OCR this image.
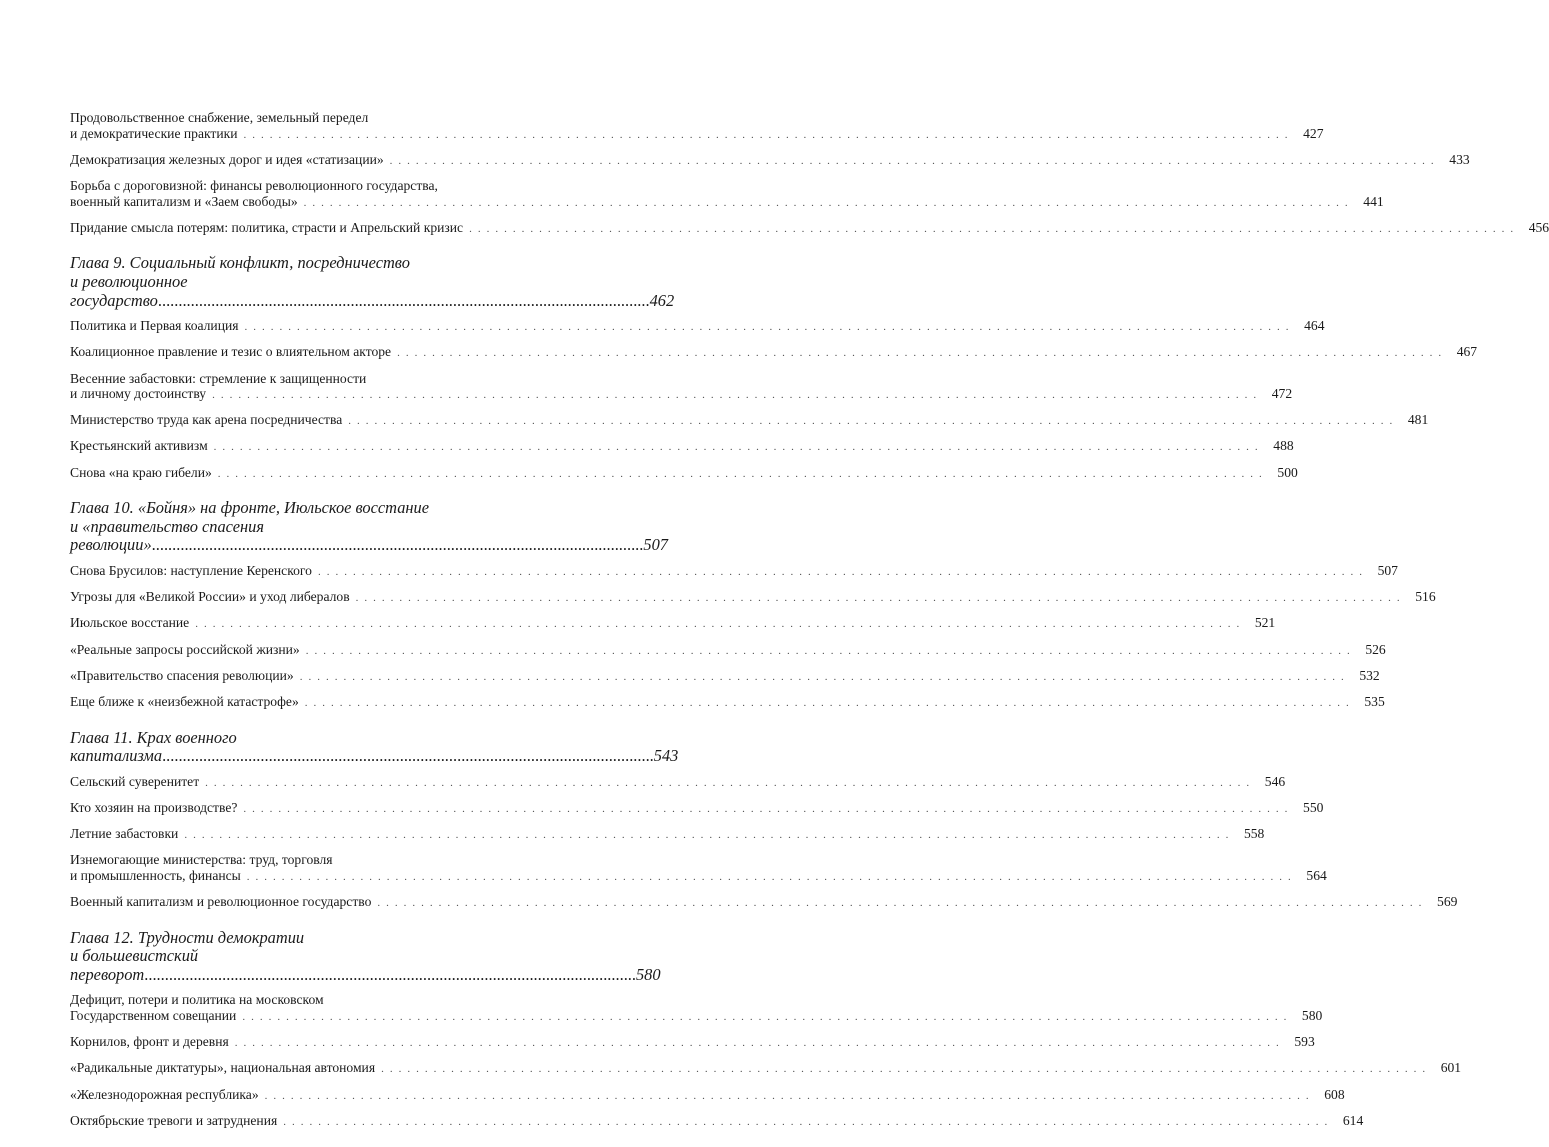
Продовольственное снабжение, земельный передел
и демократические практики ........................................................................................................................ 427
Демократизация железных дорог и идея «статизации» ........................................................................................................................ 433
Борьба с дороговизной: финансы революционного государства,
военный капитализм и «Заем свободы» ........................................................................................................................ 441
Придание смысла потерям: политика, страсти и Апрельский кризис ........................................................................................................................ 456
Глава 9. Социальный конфликт, посредничество
и революционное государство........................................................................................................................462
Политика и Первая коалиция ........................................................................................................................ 464
Коалиционное правление и тезис о влиятельном акторе ........................................................................................................................ 467
Весенние забастовки: стремление к защищенности
и личному достоинству ........................................................................................................................ 472
Министерство труда как арена посредничества ........................................................................................................................ 481
Крестьянский активизм ........................................................................................................................ 488
Снова «на краю гибели» ........................................................................................................................ 500
Глава 10. «Бойня» на фронте, Июльское восстание
и «правительство спасения революции»........................................................................................................................507
Снова Брусилов: наступление Керенского ........................................................................................................................ 507
Угрозы для «Великой России» и уход либералов ........................................................................................................................ 516
Июльское восстание ........................................................................................................................ 521
«Реальные запросы российской жизни» ........................................................................................................................ 526
«Правительство спасения революции» ........................................................................................................................ 532
Еще ближе к «неизбежной катастрофе» ........................................................................................................................ 535
Глава 11. Крах военного капитализма........................................................................................................................543
Сельский суверенитет ........................................................................................................................ 546
Кто хозяин на производстве? ........................................................................................................................ 550
Летние забастовки ........................................................................................................................ 558
Изнемогающие министерства: труд, торговля
и промышленность, финансы ........................................................................................................................ 564
Военный капитализм и революционное государство ........................................................................................................................ 569
Глава 12. Трудности демократии
и большевистский переворот........................................................................................................................580
Дефицит, потери и политика на московском
Государственном совещании ........................................................................................................................ 580
Корнилов, фронт и деревня ........................................................................................................................ 593
«Радикальные диктатуры», национальная автономия ........................................................................................................................ 601
«Железнодорожная республика» ........................................................................................................................ 608
Октябрьские тревоги и затруднения ........................................................................................................................ 614
